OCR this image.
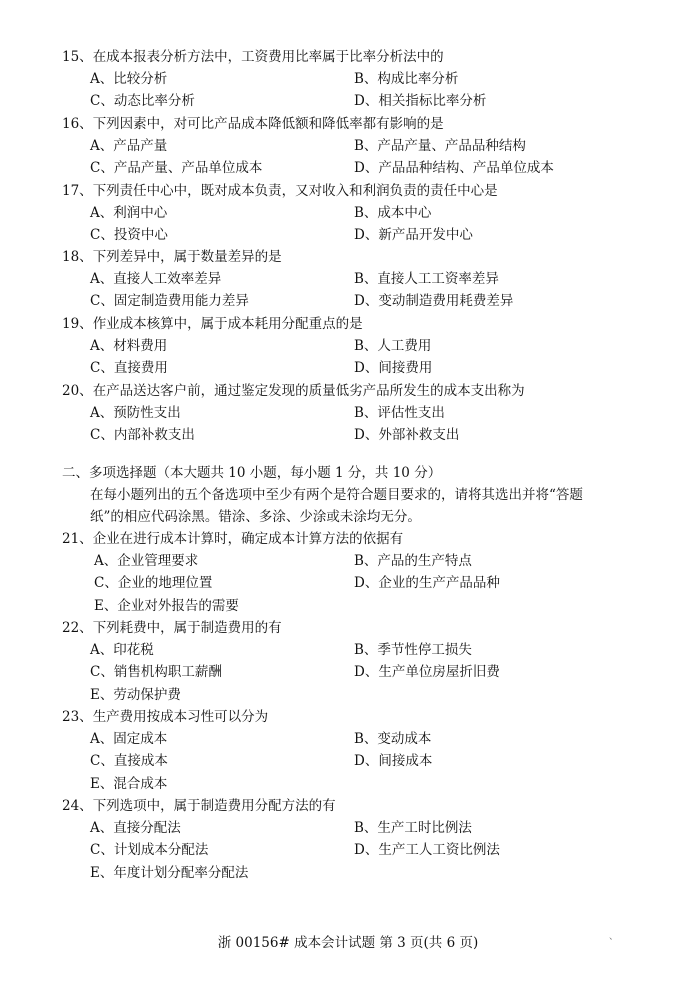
15、在成本报表分析方法中，工资费用比率属于比率分析法中的
A、比较分析	B、构成比率分析
C、动态比率分析	D、相关指标比率分析
16、下列因素中，对可比产品成本降低额和降低率都有影响的是
A、产品产量	B、产品产量、产品品种结构
C、产品产量、产品单位成本	D、产品品种结构、产品单位成本
17、下列责任中心中，既对成本负责，又对收入和利润负责的责任中心是
A、利润中心	B、成本中心
C、投资中心	D、新产品开发中心
18、下列差异中，属于数量差异的是
A、直接人工效率差异	B、直接人工工资率差异
C、固定制造费用能力差异	D、变动制造费用耗费差异
19、作业成本核算中，属于成本耗用分配重点的是
A、材料费用	B、人工费用
C、直接费用	D、间接费用
20、在产品送达客户前，通过鉴定发现的质量低劣产品所发生的成本支出称为
A、预防性支出	B、评估性支出
C、内部补救支出	D、外部补救支出
二、多项选择题（本大题共 10 小题，每小题 1 分，共 10 分）
在每小题列出的五个备选项中至少有两个是符合题目要求的，请将其选出并将“答题
纸”的相应代码涂黑。错涂、多涂、少涂或未涂均无分。
21、企业在进行成本计算时，确定成本计算方法的依据有
A、企业管理要求	B、产品的生产特点
C、企业的地理位置	D、企业的生产产品品种
E、企业对外报告的需要
22、下列耗费中，属于制造费用的有
A、印花税	B、季节性停工损失
C、销售机构职工薪酬	D、生产单位房屋折旧费
E、劳动保护费
23、生产费用按成本习性可以分为
A、固定成本	B、变动成本
C、直接成本	D、间接成本
E、混合成本
24、下列选项中，属于制造费用分配方法的有
A、直接分配法	B、生产工时比例法
C、计划成本分配法	D、生产工人工资比例法
E、年度计划分配率分配法
、
浙 00156# 成本会计试题 第 3 页(共 6 页)
